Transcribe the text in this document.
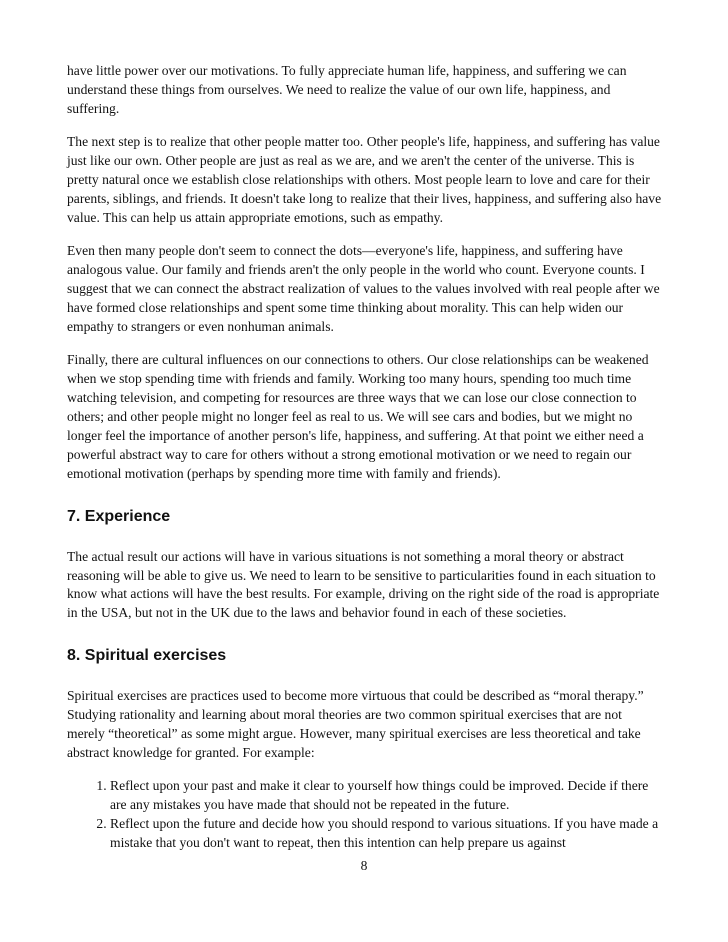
have little power over our motivations. To fully appreciate human life, happiness, and suffering we can understand these things from ourselves. We need to realize the value of our own life, happiness, and suffering.

The next step is to realize that other people matter too. Other people's life, happiness, and suffering has value just like our own. Other people are just as real as we are, and we aren't the center of the universe. This is pretty natural once we establish close relationships with others. Most people learn to love and care for their parents, siblings, and friends. It doesn't take long to realize that their lives, happiness, and suffering also have value. This can help us attain appropriate emotions, such as empathy.

Even then many people don't seem to connect the dots—everyone's life, happiness, and suffering have analogous value. Our family and friends aren't the only people in the world who count. Everyone counts. I suggest that we can connect the abstract realization of values to the values involved with real people after we have formed close relationships and spent some time thinking about morality. This can help widen our empathy to strangers or even nonhuman animals.

Finally, there are cultural influences on our connections to others. Our close relationships can be weakened when we stop spending time with friends and family. Working too many hours, spending too much time watching television, and competing for resources are three ways that we can lose our close connection to others; and other people might no longer feel as real to us. We will see cars and bodies, but we might no longer feel the importance of another person's life, happiness, and suffering. At that point we either need a powerful abstract way to care for others without a strong emotional motivation or we need to regain our emotional motivation (perhaps by spending more time with family and friends).

7. Experience

The actual result our actions will have in various situations is not something a moral theory or abstract reasoning will be able to give us. We need to learn to be sensitive to particularities found in each situation to know what actions will have the best results. For example, driving on the right side of the road is appropriate in the USA, but not in the UK due to the laws and behavior found in each of these societies.

8. Spiritual exercises

Spiritual exercises are practices used to become more virtuous that could be described as “moral therapy.” Studying rationality and learning about moral theories are two common spiritual exercises that are not merely “theoretical” as some might argue. However, many spiritual exercises are less theoretical and take abstract knowledge for granted. For example:

1. Reflect upon your past and make it clear to yourself how things could be improved. Decide if there are any mistakes you have made that should not be repeated in the future.
2. Reflect upon the future and decide how you should respond to various situations. If you have made a mistake that you don't want to repeat, then this intention can help prepare us against
8
